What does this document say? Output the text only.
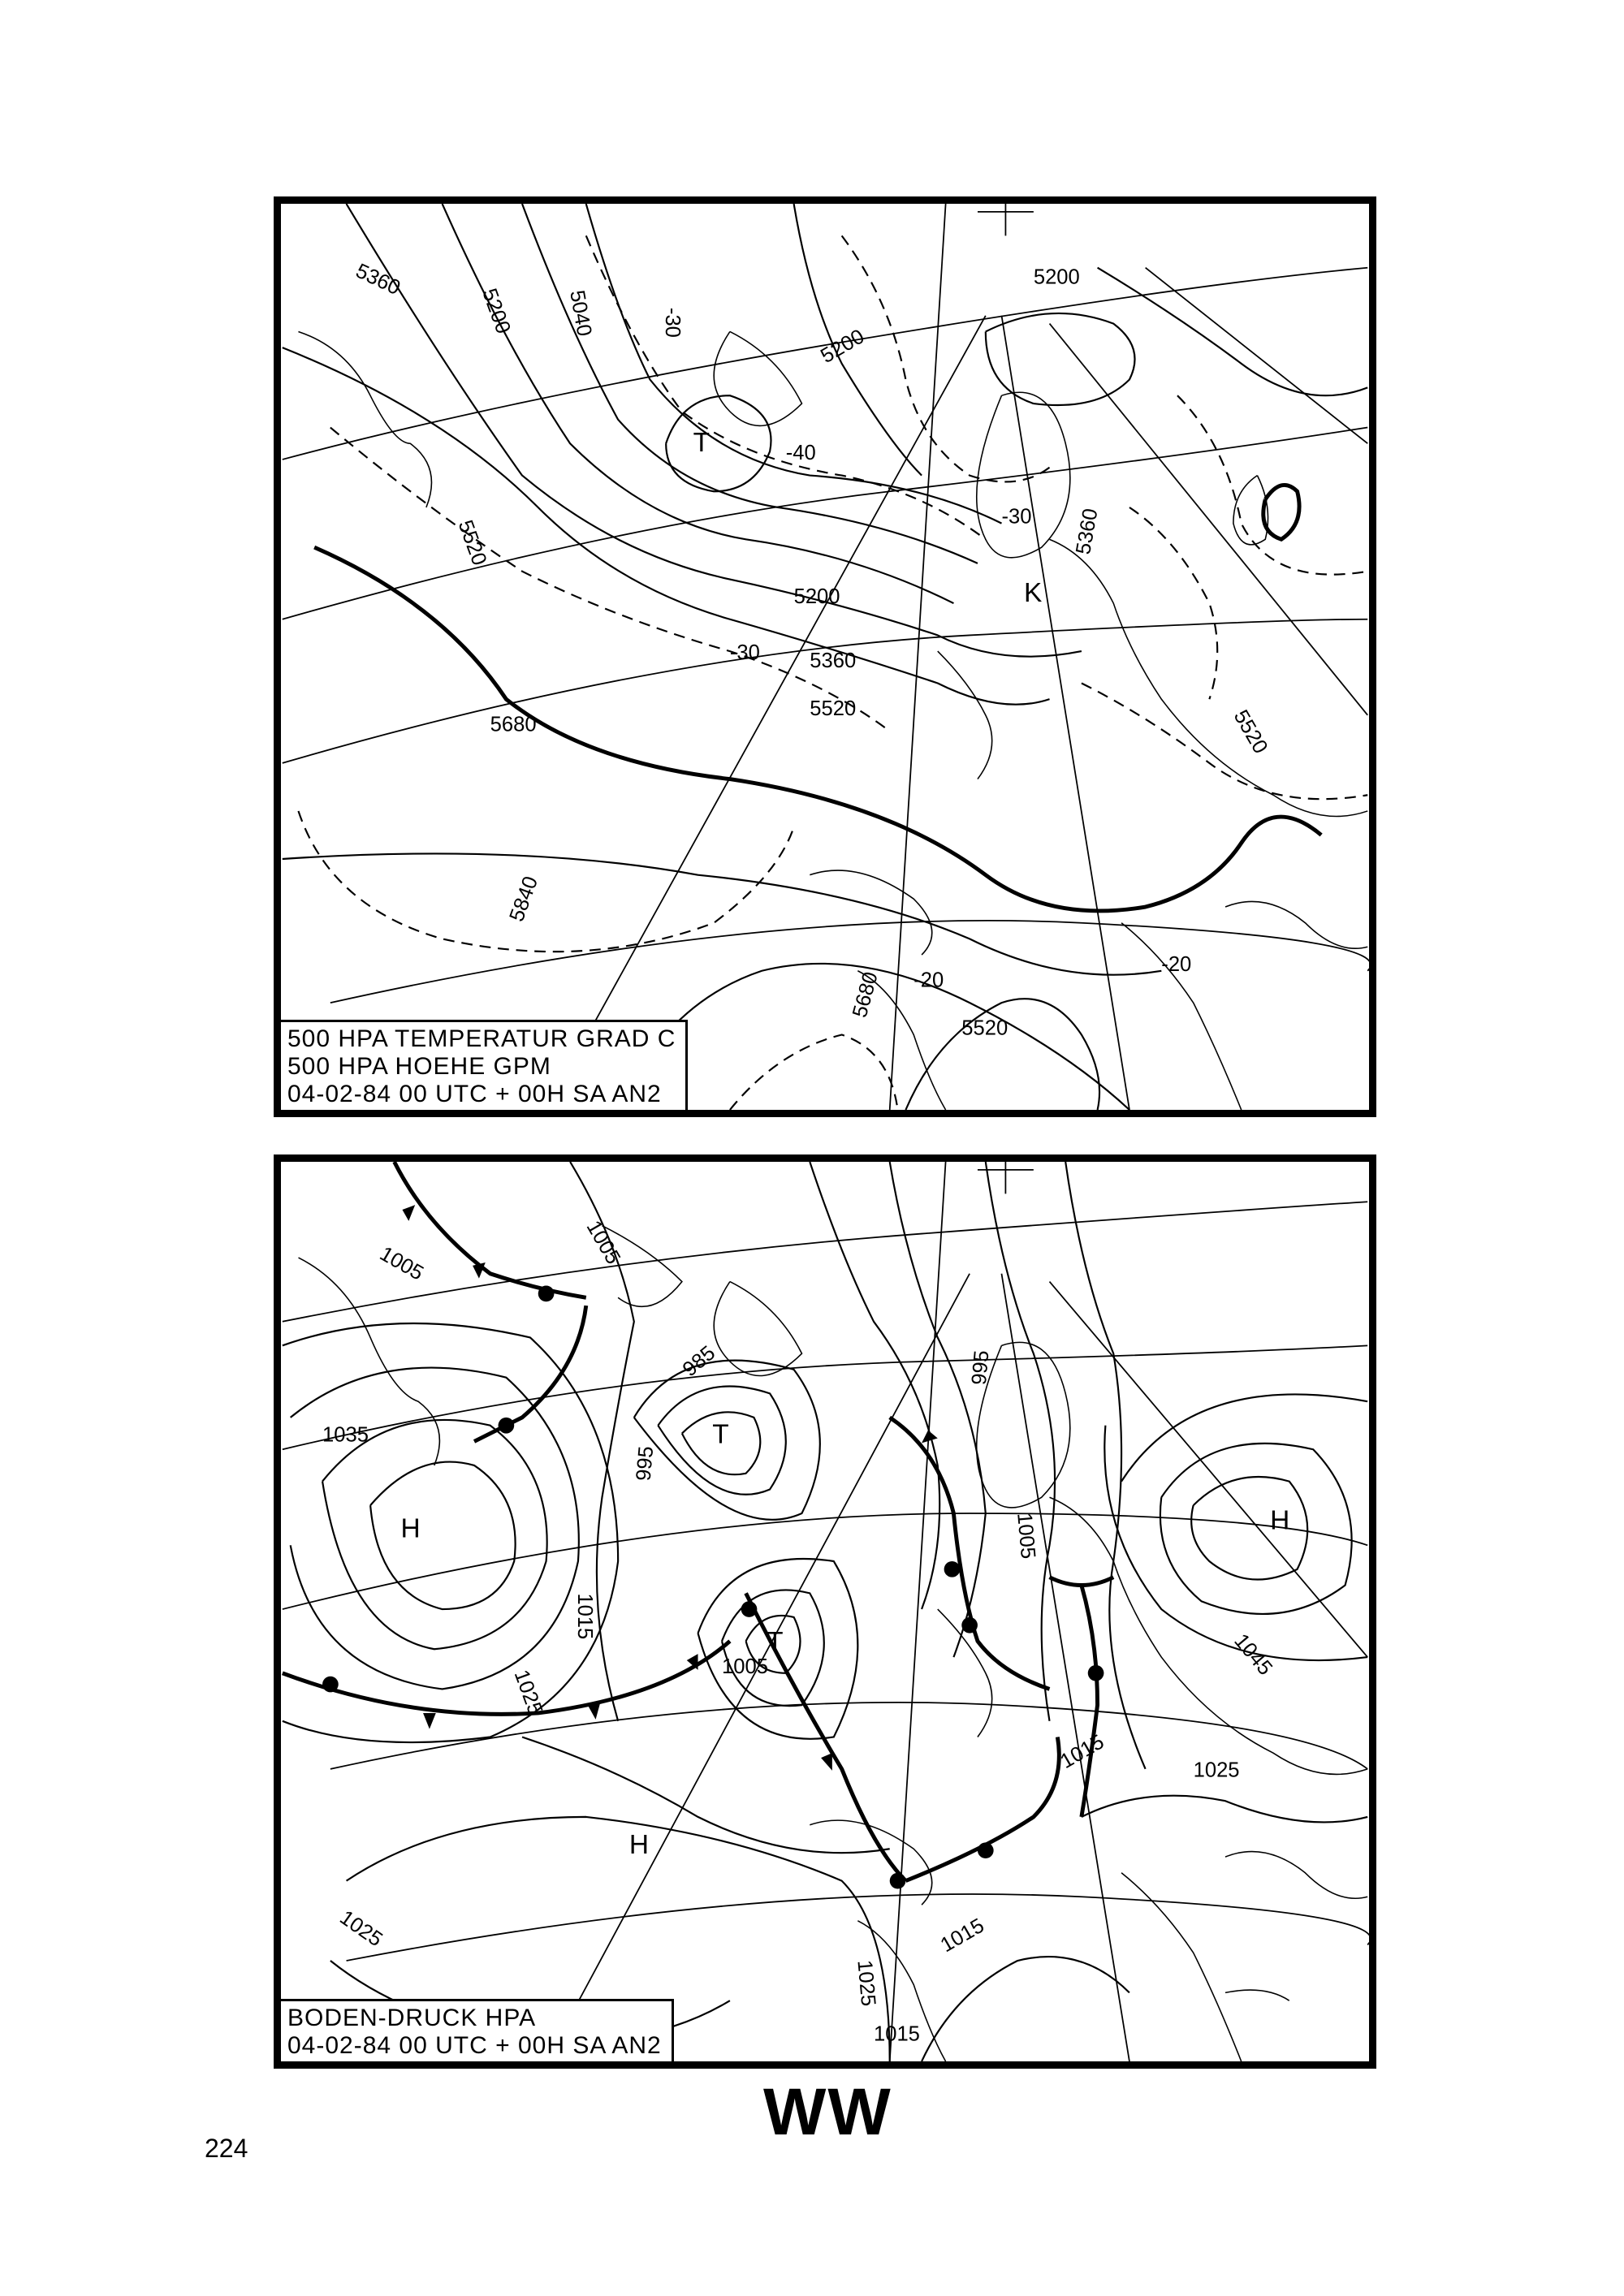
5360
5200 5040
5200
5360
5520
5680
5840
5680
5520
5200
5360
5200
5520
5520
-30
-30
-40
-20
-30
-20
T
K
500 HPA TEMPERATUR GRAD C
500 HPA HOEHE GPM
04-02-84 00 UTC + 00H SA AN2
1005
1005
1035
985
995
995
1015
1025
1005
1005
1015
1045
1025
1025
1025
1015
1015
H
T
T
H
H
BODEN-DRUCK HPA
04-02-84 00 UTC + 00H SA AN2
WW
224
